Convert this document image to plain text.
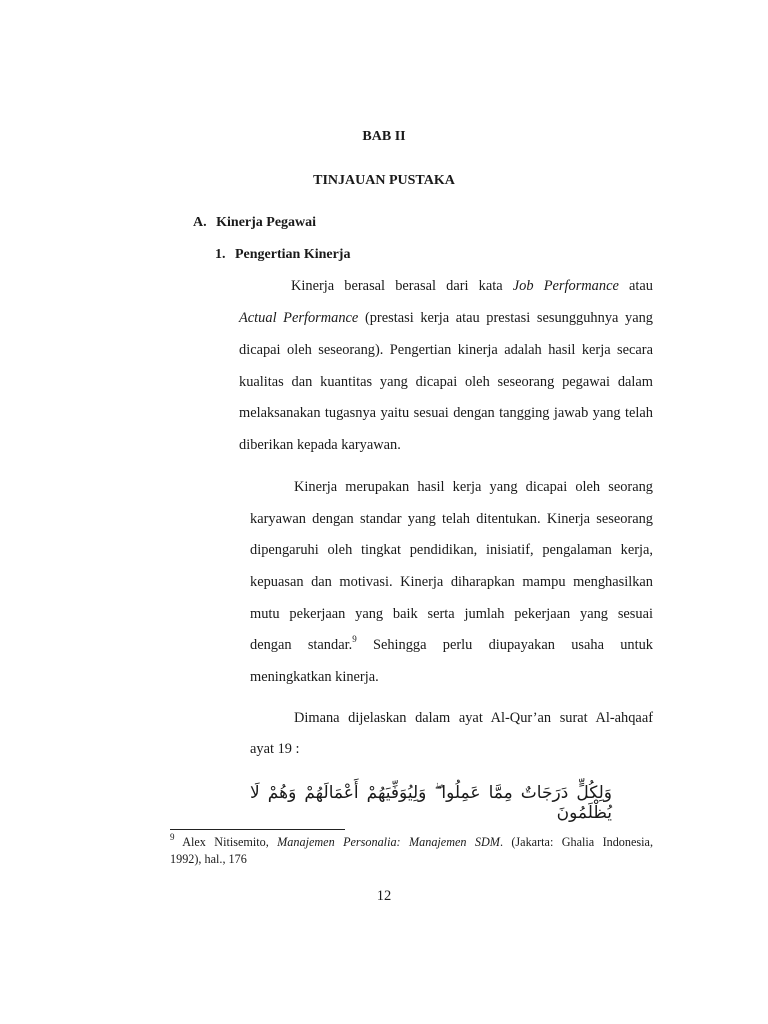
BAB II
TINJAUAN PUSTAKA
A. Kinerja Pegawai
1. Pengertian Kinerja
Kinerja berasal berasal dari kata Job Performance atau
Actual Performance (prestasi kerja atau prestasi sesungguhnya yang
dicapai oleh seseorang). Pengertian kinerja adalah hasil kerja secara
kualitas dan kuantitas yang dicapai oleh seseorang pegawai dalam
melaksanakan tugasnya yaitu sesuai dengan tangging jawab yang telah
diberikan kepada karyawan.
Kinerja merupakan hasil kerja yang dicapai oleh seorang
karyawan dengan standar yang telah ditentukan. Kinerja seseorang
dipengaruhi oleh tingkat pendidikan, inisiatif, pengalaman kerja,
kepuasan dan motivasi. Kinerja diharapkan mampu menghasilkan
mutu pekerjaan yang baik serta jumlah pekerjaan yang sesuai
dengan standar.$^9$ Sehingga perlu diupayakan usaha untuk
meningkatkan kinerja.
Dimana dijelaskan dalam ayat Al-Qur’an surat Al-ahqaaf
ayat 19 :
وَلِكُلٍّ دَرَجَاتٌ مِمَّا عَمِلُوا ۖ وَلِيُوَفِّيَهُمْ أَعْمَالَهُمْ وَهُمْ لَا يُظْلَمُونَ
$^9$ Alex Nitisemito, Manajemen Personalia: Manajemen SDM. (Jakarta: Ghalia Indonesia,
1992), hal., 176
12
